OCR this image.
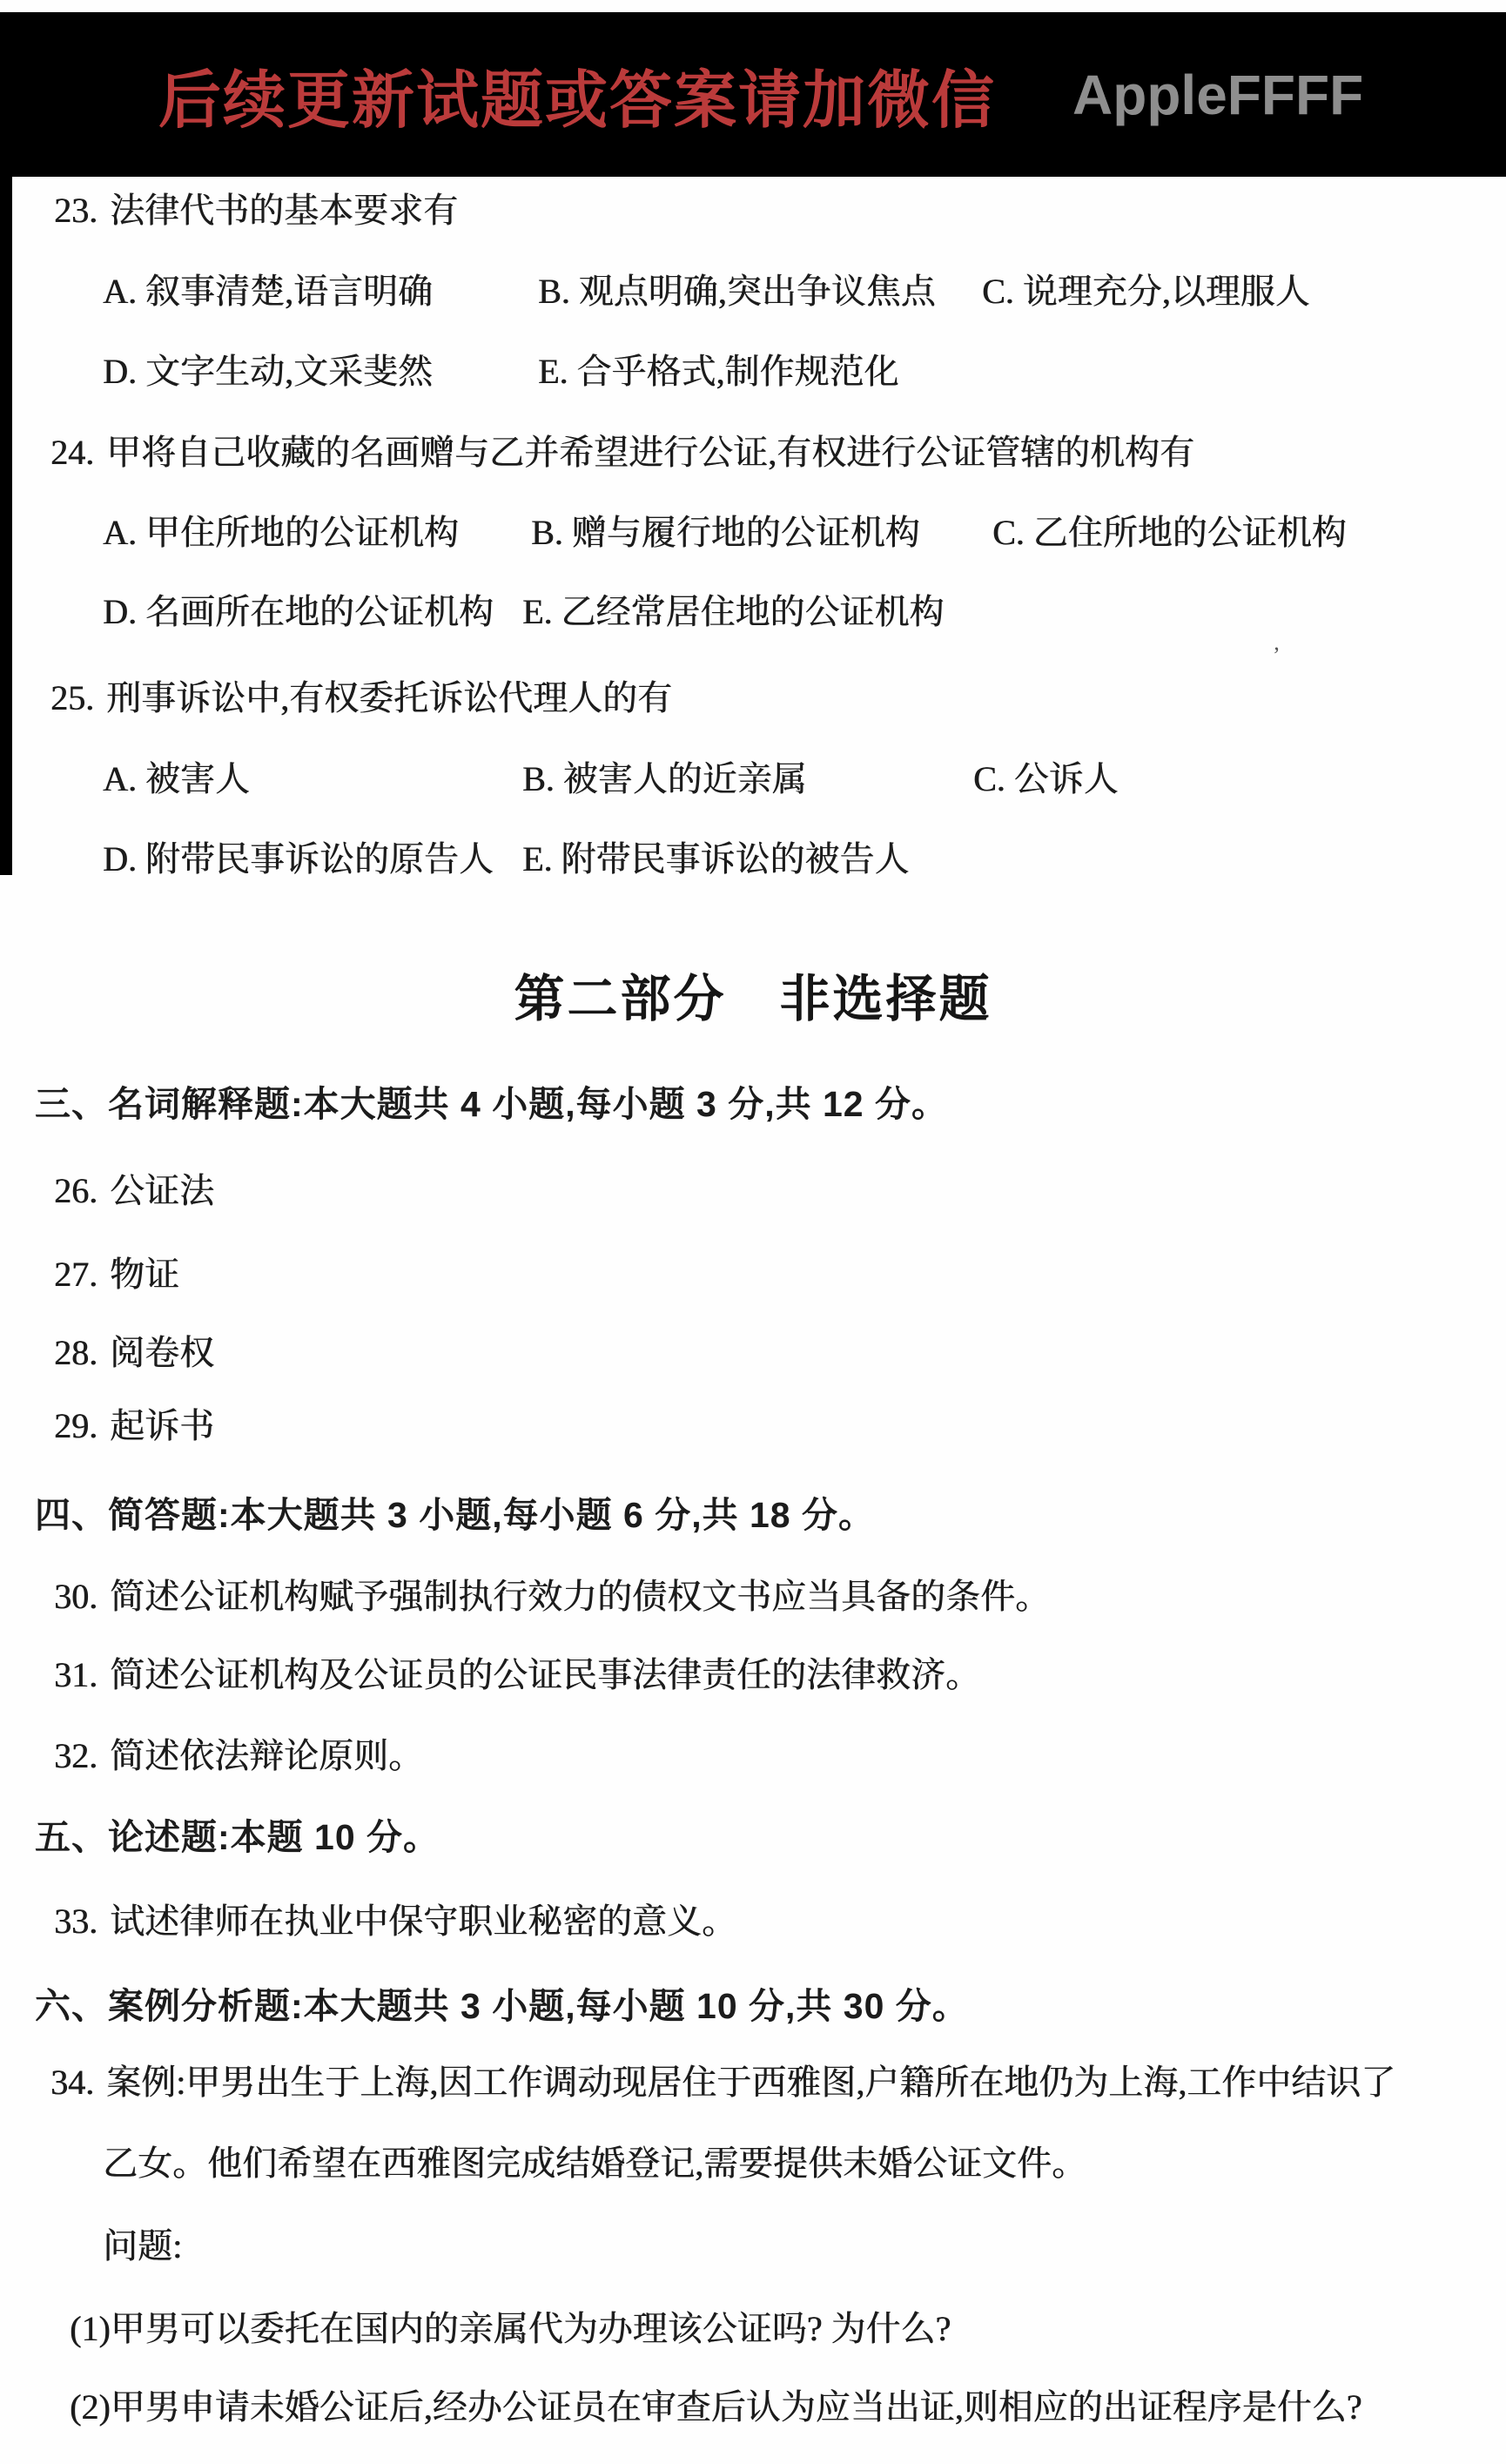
后续更新试题或答案请加微信 AppleFFFF
’
23. 法律代书的基本要求有
A. 叙事清楚,语言明确	B. 观点明确,突出争议焦点 C. 说理充分,以理服人
D. 文字生动,文采斐然	E. 合乎格式,制作规范化
24. 甲将自己收藏的名画赠与乙并希望进行公证,有权进行公证管辖的机构有
A. 甲住所地的公证机构 B. 赠与履行地的公证机构 C. 乙住所地的公证机构
D. 名画所在地的公证机构 E. 乙经常居住地的公证机构
25. 刑事诉讼中,有权委托诉讼代理人的有
A. 被害人	B. 被害人的近亲属	C. 公诉人
D. 附带民事诉讼的原告人 E. 附带民事诉讼的被告人
第二部分　非选择题
三、名词解释题:本大题共 4 小题,每小题 3 分,共 12 分。
26. 公证法
27. 物证
28. 阅卷权
29. 起诉书
四、简答题:本大题共 3 小题,每小题 6 分,共 18 分。
30. 简述公证机构赋予强制执行效力的债权文书应当具备的条件。
31. 简述公证机构及公证员的公证民事法律责任的法律救济。
32. 简述依法辩论原则。
五、论述题:本题 10 分。
33. 试述律师在执业中保守职业秘密的意义。
六、案例分析题:本大题共 3 小题,每小题 10 分,共 30 分。
34. 案例:甲男出生于上海,因工作调动现居住于西雅图,户籍所在地仍为上海,工作中结识了
乙女。他们希望在西雅图完成结婚登记,需要提供未婚公证文件。
问题:
(1)甲男可以委托在国内的亲属代为办理该公证吗? 为什么?
(2)甲男申请未婚公证后,经办公证员在审查后认为应当出证,则相应的出证程序是什么?
